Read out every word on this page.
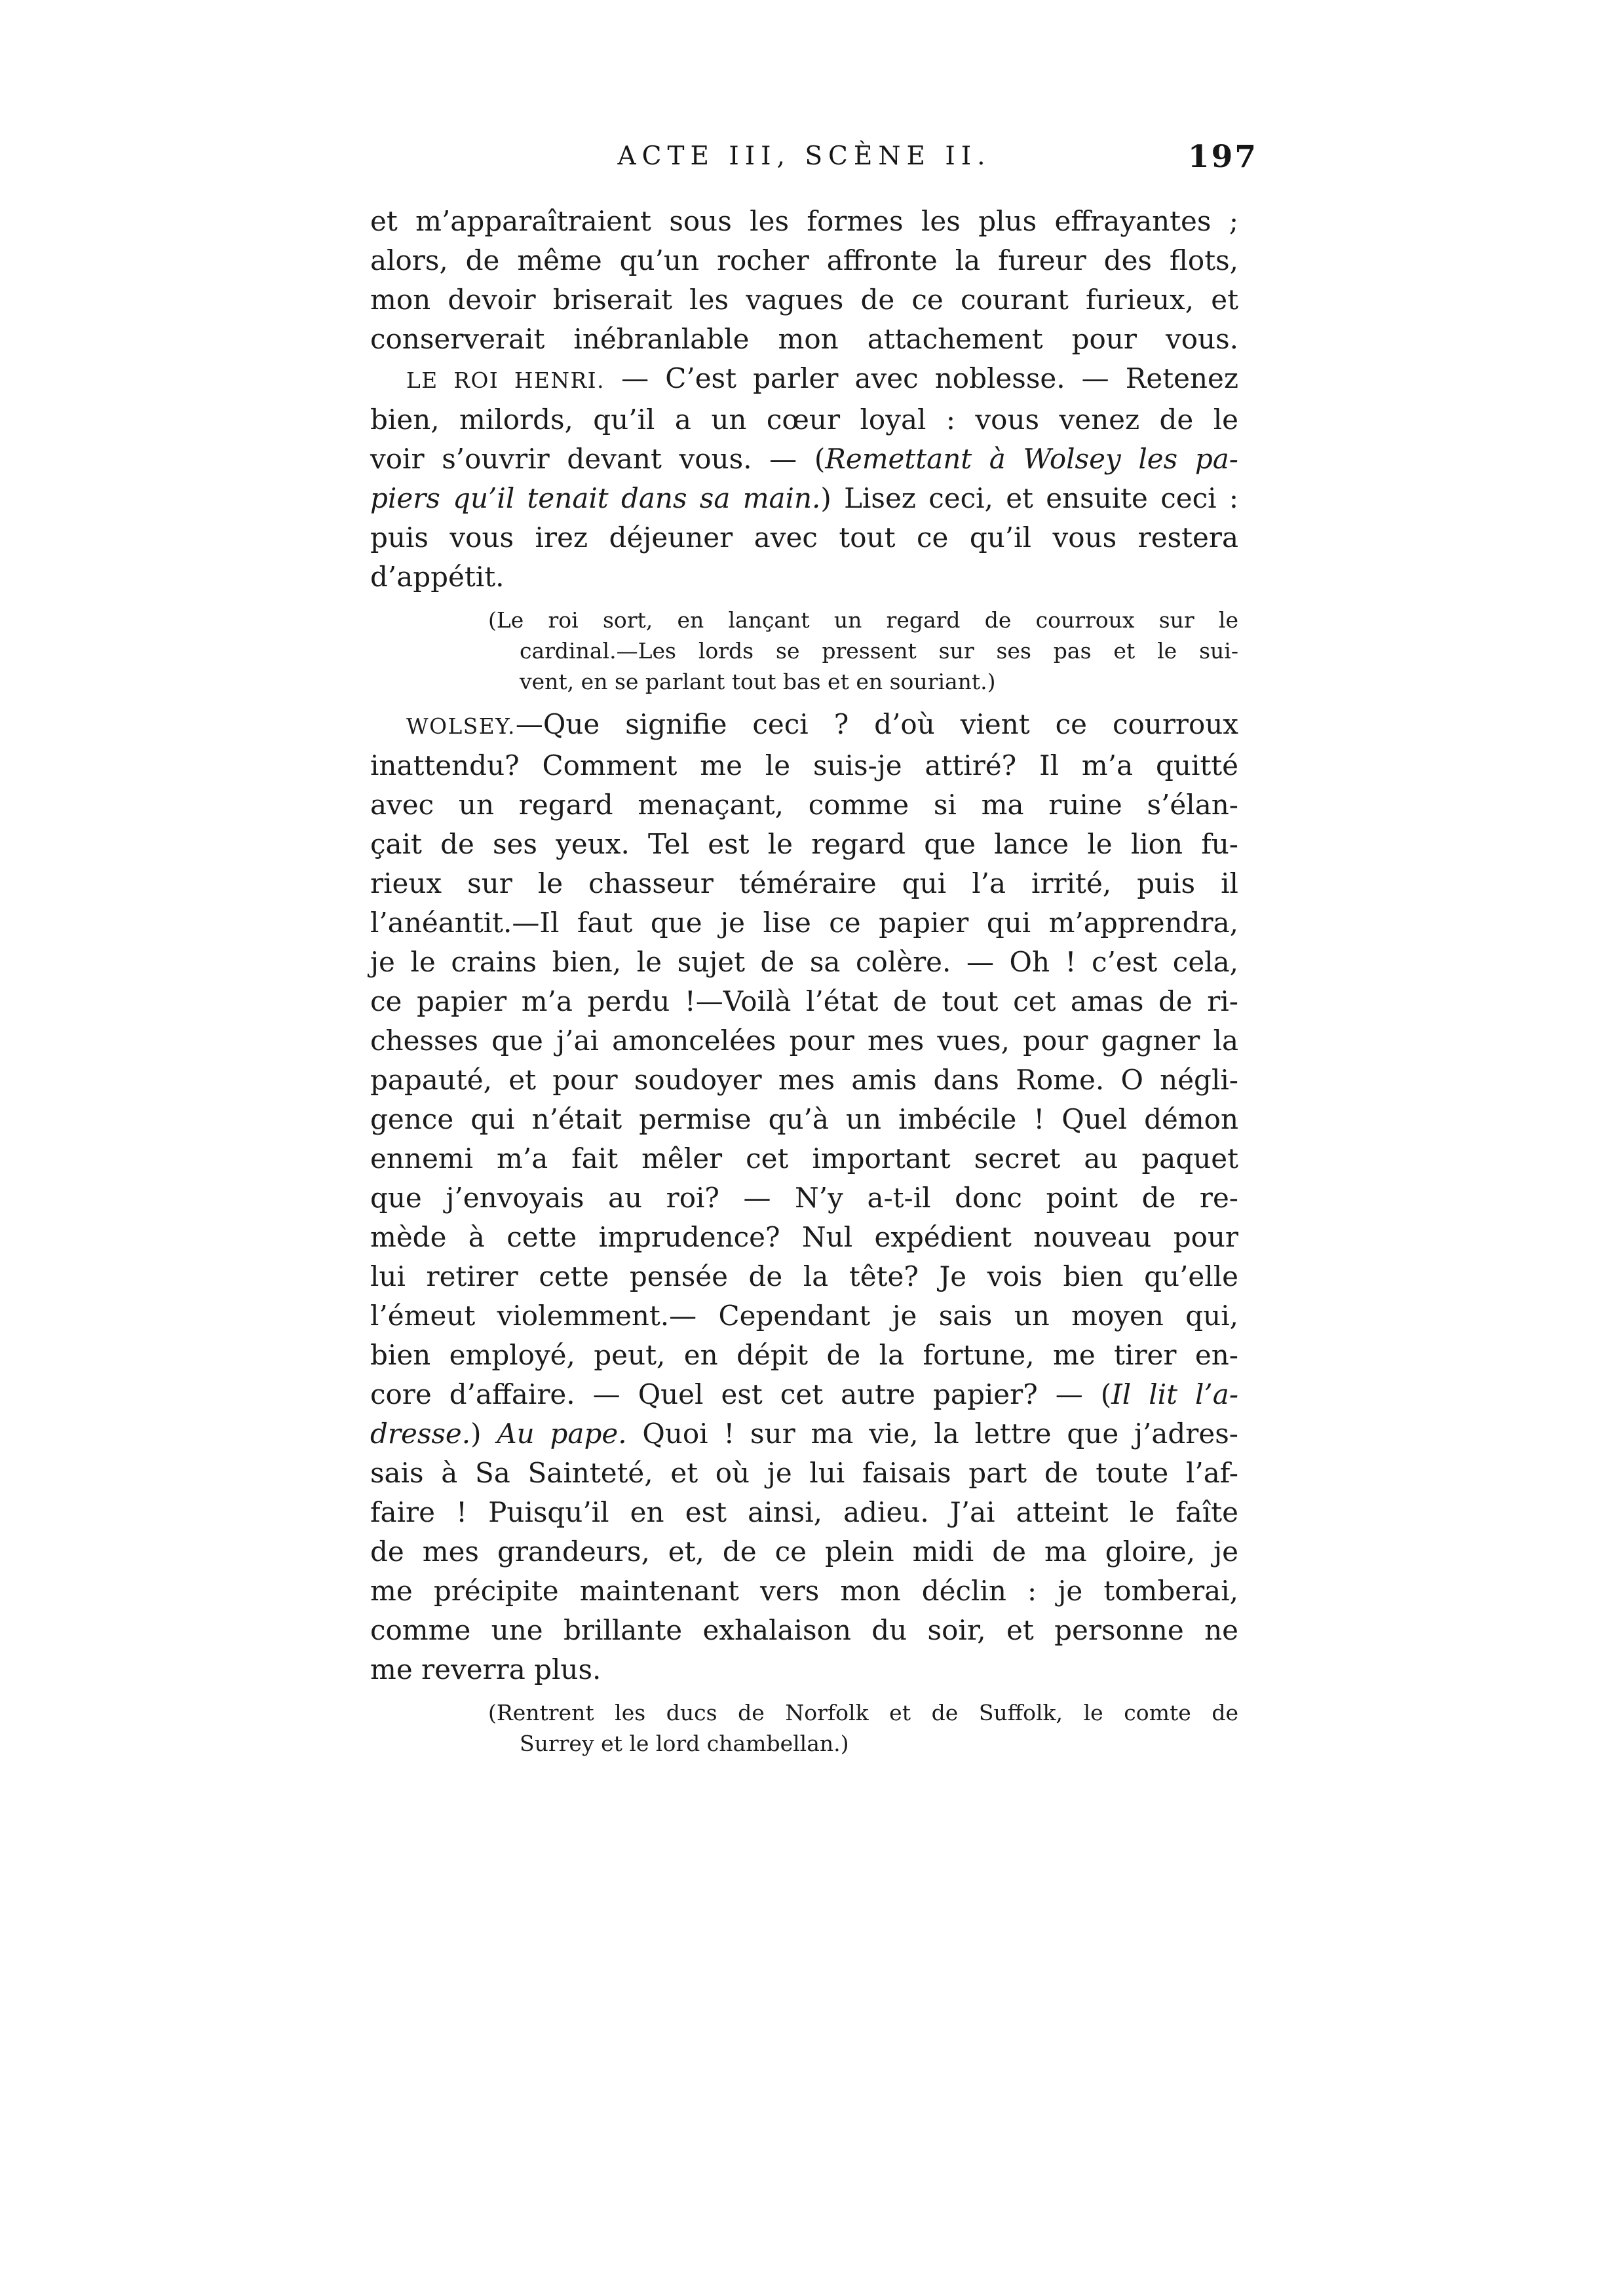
ACTE III, SCÈNE II.	197
et m’apparaîtraient sous les formes les plus effrayantes ;
alors, de même qu’un rocher affronte la fureur des flots,
mon devoir briserait les vagues de ce courant furieux, et
conserverait inébranlable mon attachement pour vous.
LE ROI HENRI. — C’est parler avec noblesse. — Retenez
bien, milords, qu’il a un cœur loyal : vous venez de le
voir s’ouvrir devant vous. — (Remettant à Wolsey les pa-
piers qu’il tenait dans sa main.) Lisez ceci, et ensuite ceci :
puis vous irez déjeuner avec tout ce qu’il vous restera
d’appétit.
(Le roi sort, en lançant un regard de courroux sur le
cardinal.—Les lords se pressent sur ses pas et le sui-
vent, en se parlant tout bas et en souriant.)
WOLSEY.—Que signifie ceci ? d’où vient ce courroux
inattendu? Comment me le suis-je attiré? Il m’a quitté
avec un regard menaçant, comme si ma ruine s’élan-
çait de ses yeux. Tel est le regard que lance le lion fu-
rieux sur le chasseur téméraire qui l’a irrité, puis il
l’anéantit.—Il faut que je lise ce papier qui m’apprendra,
je le crains bien, le sujet de sa colère. — Oh ! c’est cela,
ce papier m’a perdu !—Voilà l’état de tout cet amas de ri-
chesses que j’ai amoncelées pour mes vues, pour gagner la
papauté, et pour soudoyer mes amis dans Rome. O négli-
gence qui n’était permise qu’à un imbécile ! Quel démon
ennemi m’a fait mêler cet important secret au paquet
que j’envoyais au roi? — N’y a-t-il donc point de re-
mède à cette imprudence? Nul expédient nouveau pour
lui retirer cette pensée de la tête? Je vois bien qu’elle
l’émeut violemment.— Cependant je sais un moyen qui,
bien employé, peut, en dépit de la fortune, me tirer en-
core d’affaire. — Quel est cet autre papier? — (Il lit l’a-
dresse.) Au pape. Quoi ! sur ma vie, la lettre que j’adres-
sais à Sa Sainteté, et où je lui faisais part de toute l’af-
faire ! Puisqu’il en est ainsi, adieu. J’ai atteint le faîte
de mes grandeurs, et, de ce plein midi de ma gloire, je
me précipite maintenant vers mon déclin : je tomberai,
comme une brillante exhalaison du soir, et personne ne
me reverra plus.
(Rentrent les ducs de Norfolk et de Suffolk, le comte de
Surrey et le lord chambellan.)
